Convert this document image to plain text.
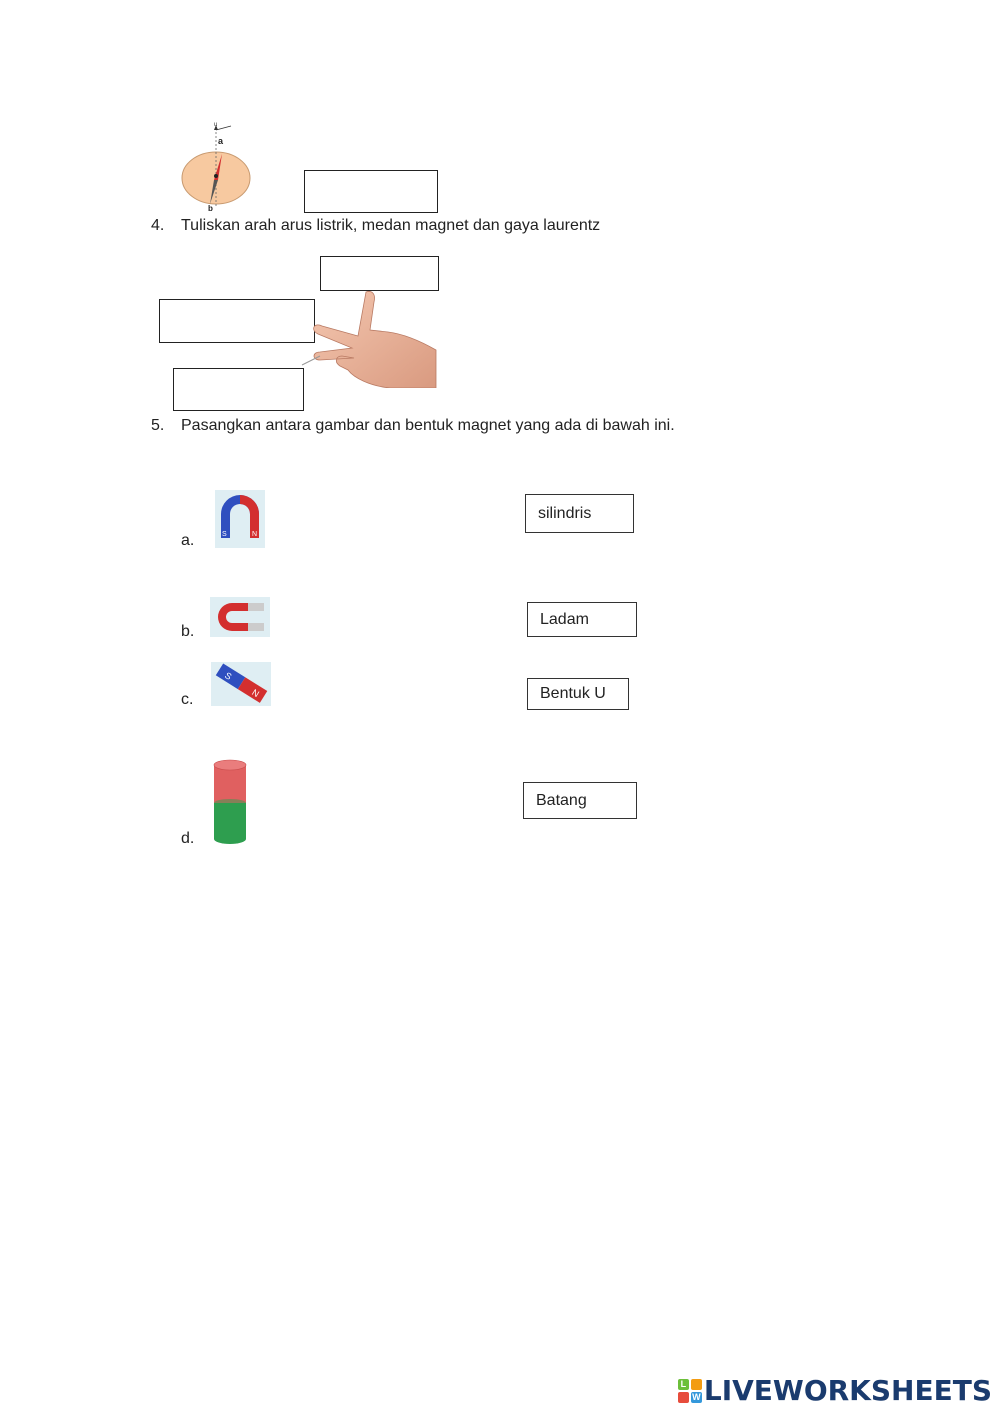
u
a
b
4. Tuliskan arah arus listrik, medan magnet dan gaya laurentz
5. Pasangkan antara gambar dan bentuk magnet yang ada di bawah ini.
a.	S	N
b.
c.
S
N
d.
silindris
Ladam
Bentuk U
Batang
L
W LIVEWORKSHEETS
